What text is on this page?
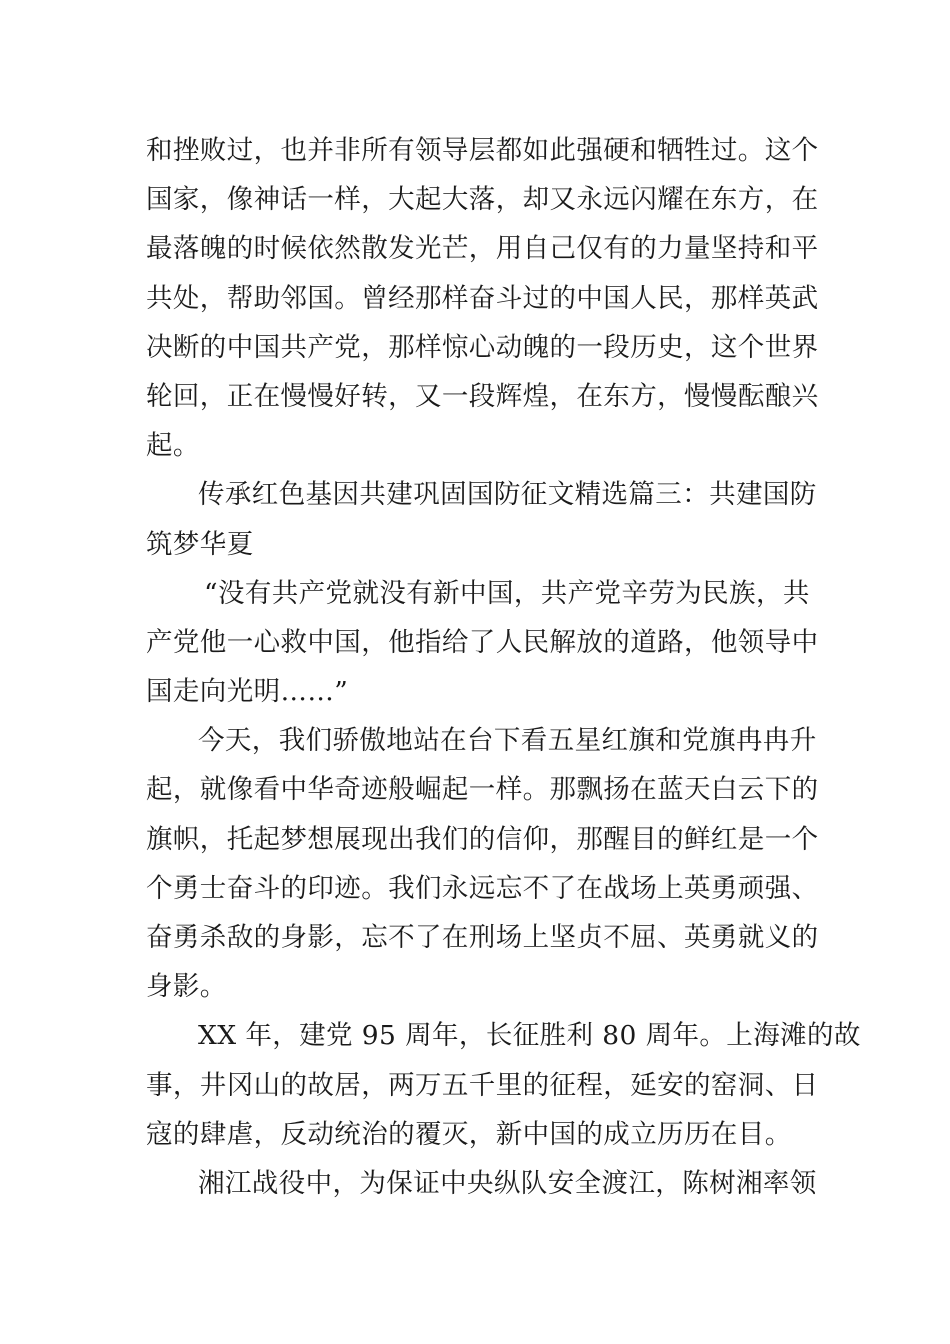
和挫败过，也并非所有领导层都如此强硬和牺牲过。这个
国家，像神话一样，大起大落，却又永远闪耀在东方，在
最落魄的时候依然散发光芒，用自己仅有的力量坚持和平
共处，帮助邻国。曾经那样奋斗过的中国人民，那样英武
决断的中国共产党，那样惊心动魄的一段历史，这个世界
轮回，正在慢慢好转，又一段辉煌，在东方，慢慢酝酿兴
起。
传承红色基因共建巩固国防征文精选篇三：共建国防
筑梦华夏
“没有共产党就没有新中国，共产党辛劳为民族，共
产党他一心救中国，他指给了人民解放的道路，他领导中
国走向光明……”
今天，我们骄傲地站在台下看五星红旗和党旗冉冉升
起，就像看中华奇迹般崛起一样。那飘扬在蓝天白云下的
旗帜，托起梦想展现出我们的信仰，那醒目的鲜红是一个
个勇士奋斗的印迹。我们永远忘不了在战场上英勇顽强、
奋勇杀敌的身影，忘不了在刑场上坚贞不屈、英勇就义的
身影。
XX 年，建党 95 周年，长征胜利 80 周年。上海滩的故
事，井冈山的故居，两万五千里的征程，延安的窑洞、日
寇的肆虐，反动统治的覆灭，新中国的成立历历在目。
湘江战役中，为保证中央纵队安全渡江，陈树湘率领
